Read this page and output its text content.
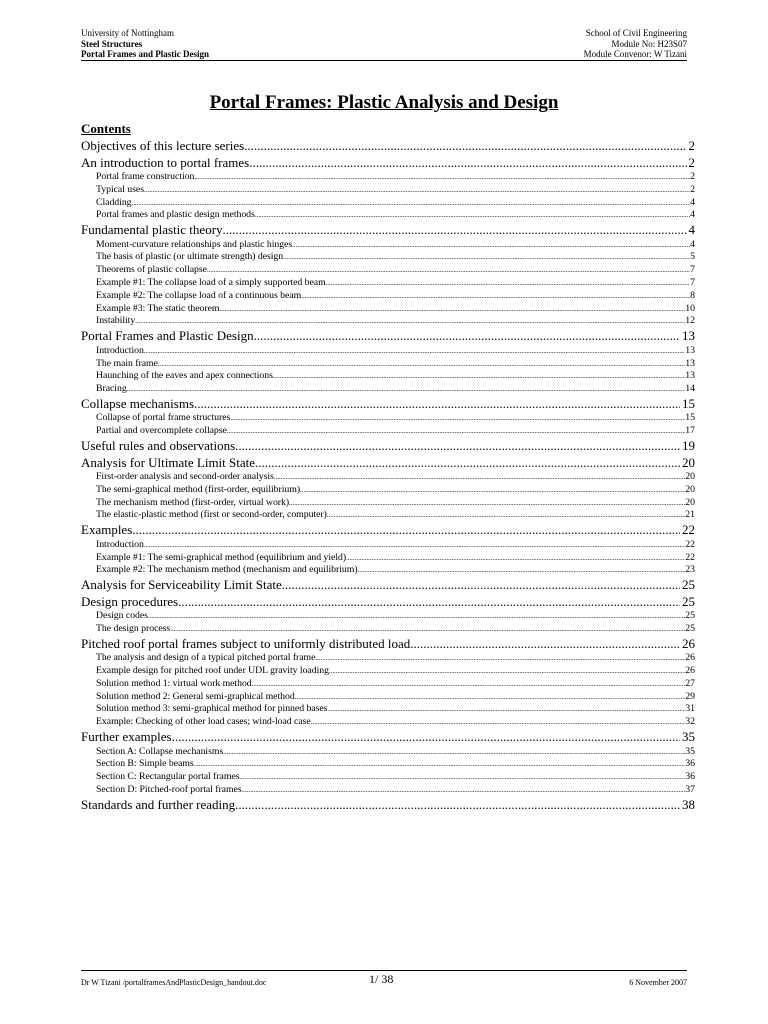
University of Nottingham	School of Civil Engineering
Steel Structures	Module No: H23S07
Portal Frames and Plastic Design	Module Convenor: W Tizani
Portal Frames: Plastic Analysis and Design
Contents
Objectives of this lecture series .....	2
An introduction to portal frames .....	2
Portal frame construction .....	2
Typical uses .....	2
Cladding .....	4
Portal frames and plastic design methods .....	4
Fundamental plastic theory .....	4
Moment-curvature relationships and plastic hinges .....	4
The basis of plastic (or ultimate strength) design .....	5
Theorems of plastic collapse .....	7
Example #1: The collapse load of a simply supported beam .....	7
Example #2: The collapse load of a continuous beam .....	8
Example #3: The static theorem .....	10
Instability .....	12
Portal Frames and Plastic Design .....	13
Introduction .....	13
The main frame .....	13
Haunching of the eaves and apex connections .....	13
Bracing .....	14
Collapse mechanisms .....	15
Collapse of portal frame structures .....	15
Partial and overcomplete collapse .....	17
Useful rules and observations .....	19
Analysis for Ultimate Limit State .....	20
First-order analysis and second-order analysis .....	20
The semi-graphical method (first-order, equilibrium) .....	20
The mechanism method (first-order, virtual work) .....	20
The elastic-plastic method (first or second-order, computer) .....	21
Examples .....	22
Introduction .....	22
Example #1: The semi-graphical method (equilibrium and yield) .....	22
Example #2: The mechanism method (mechanism and equilibrium) .....	23
Analysis for Serviceability Limit State .....	25
Design procedures .....	25
Design codes .....	25
The design process .....	25
Pitched roof portal frames subject to uniformly distributed load .....	26
The analysis and design of a typical pitched portal frame .....	26
Example design for pitched roof under UDL gravity loading .....	26
Solution method 1: virtual work method .....	27
Solution method 2: General semi-graphical method .....	29
Solution method 3: semi-graphical method for pinned bases .....	31
Example: Checking of other load cases; wind-load case .....	32
Further examples .....	35
Section A: Collapse mechanisms .....	35
Section B: Simple beams .....	36
Section C: Rectangular portal frames .....	36
Section D: Pitched-roof portal frames .....	37
Standards and further reading .....	38
Dr W Tizani /portalframesAndPlasticDesign_handout.doc	1/ 38	6 November 2007
